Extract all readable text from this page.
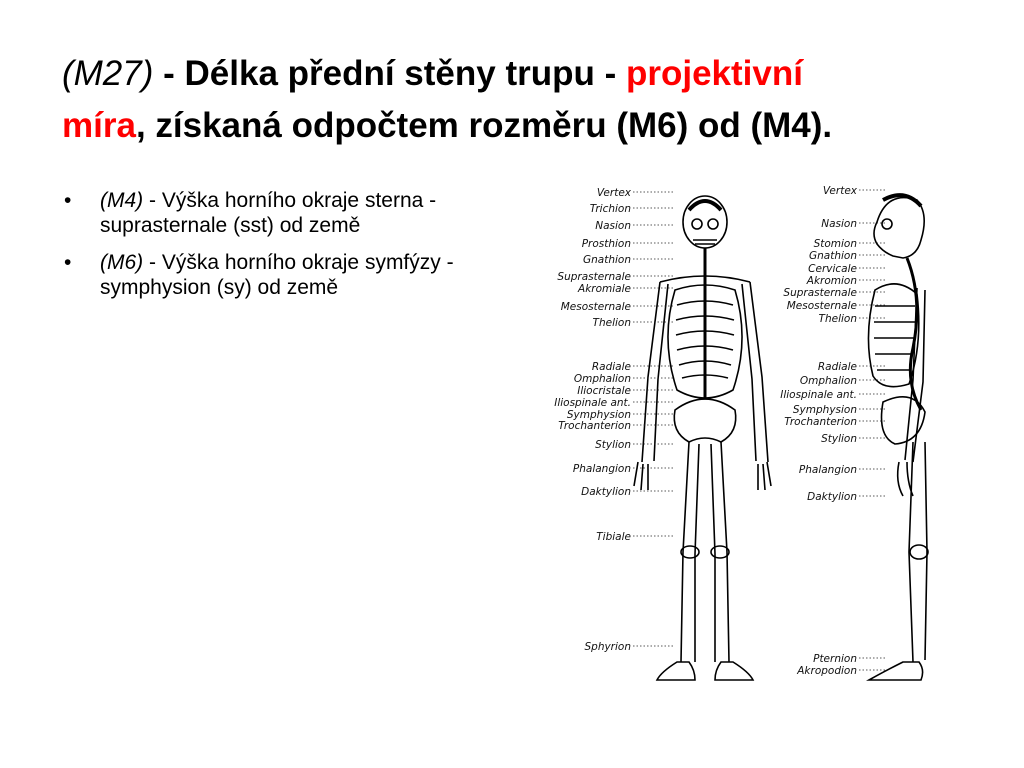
(M27) - Délka přední stěny trupu - projektivní
míra, získaná odpočtem rozměru (M6) od (M4).
• (M4) - Výška horního okraje sterna - suprasternale (sst) od země
• (M6) - Výška horního okraje symfýzy - symphysion (sy) od země
Vertex
Trichion
Nasion
Prosthion
Gnathion
Suprasternale
Akromiale
Mesosternale
Thelion
Radiale
Omphalion
Iliocristale
Iliospinale ant.
Symphysion
Trochanterion
Stylion
Phalangion
Daktylion
Tibiale
Sphyrion
Vertex
Nasion
Stomion
Gnathion
Cervicale
Akromion
Suprasternale
Mesosternale
Thelion
Radiale
Omphalion
Iliospinale ant.
Symphysion
Trochanterion
Stylion
Phalangion
Daktylion
Pternion
Akropodion
